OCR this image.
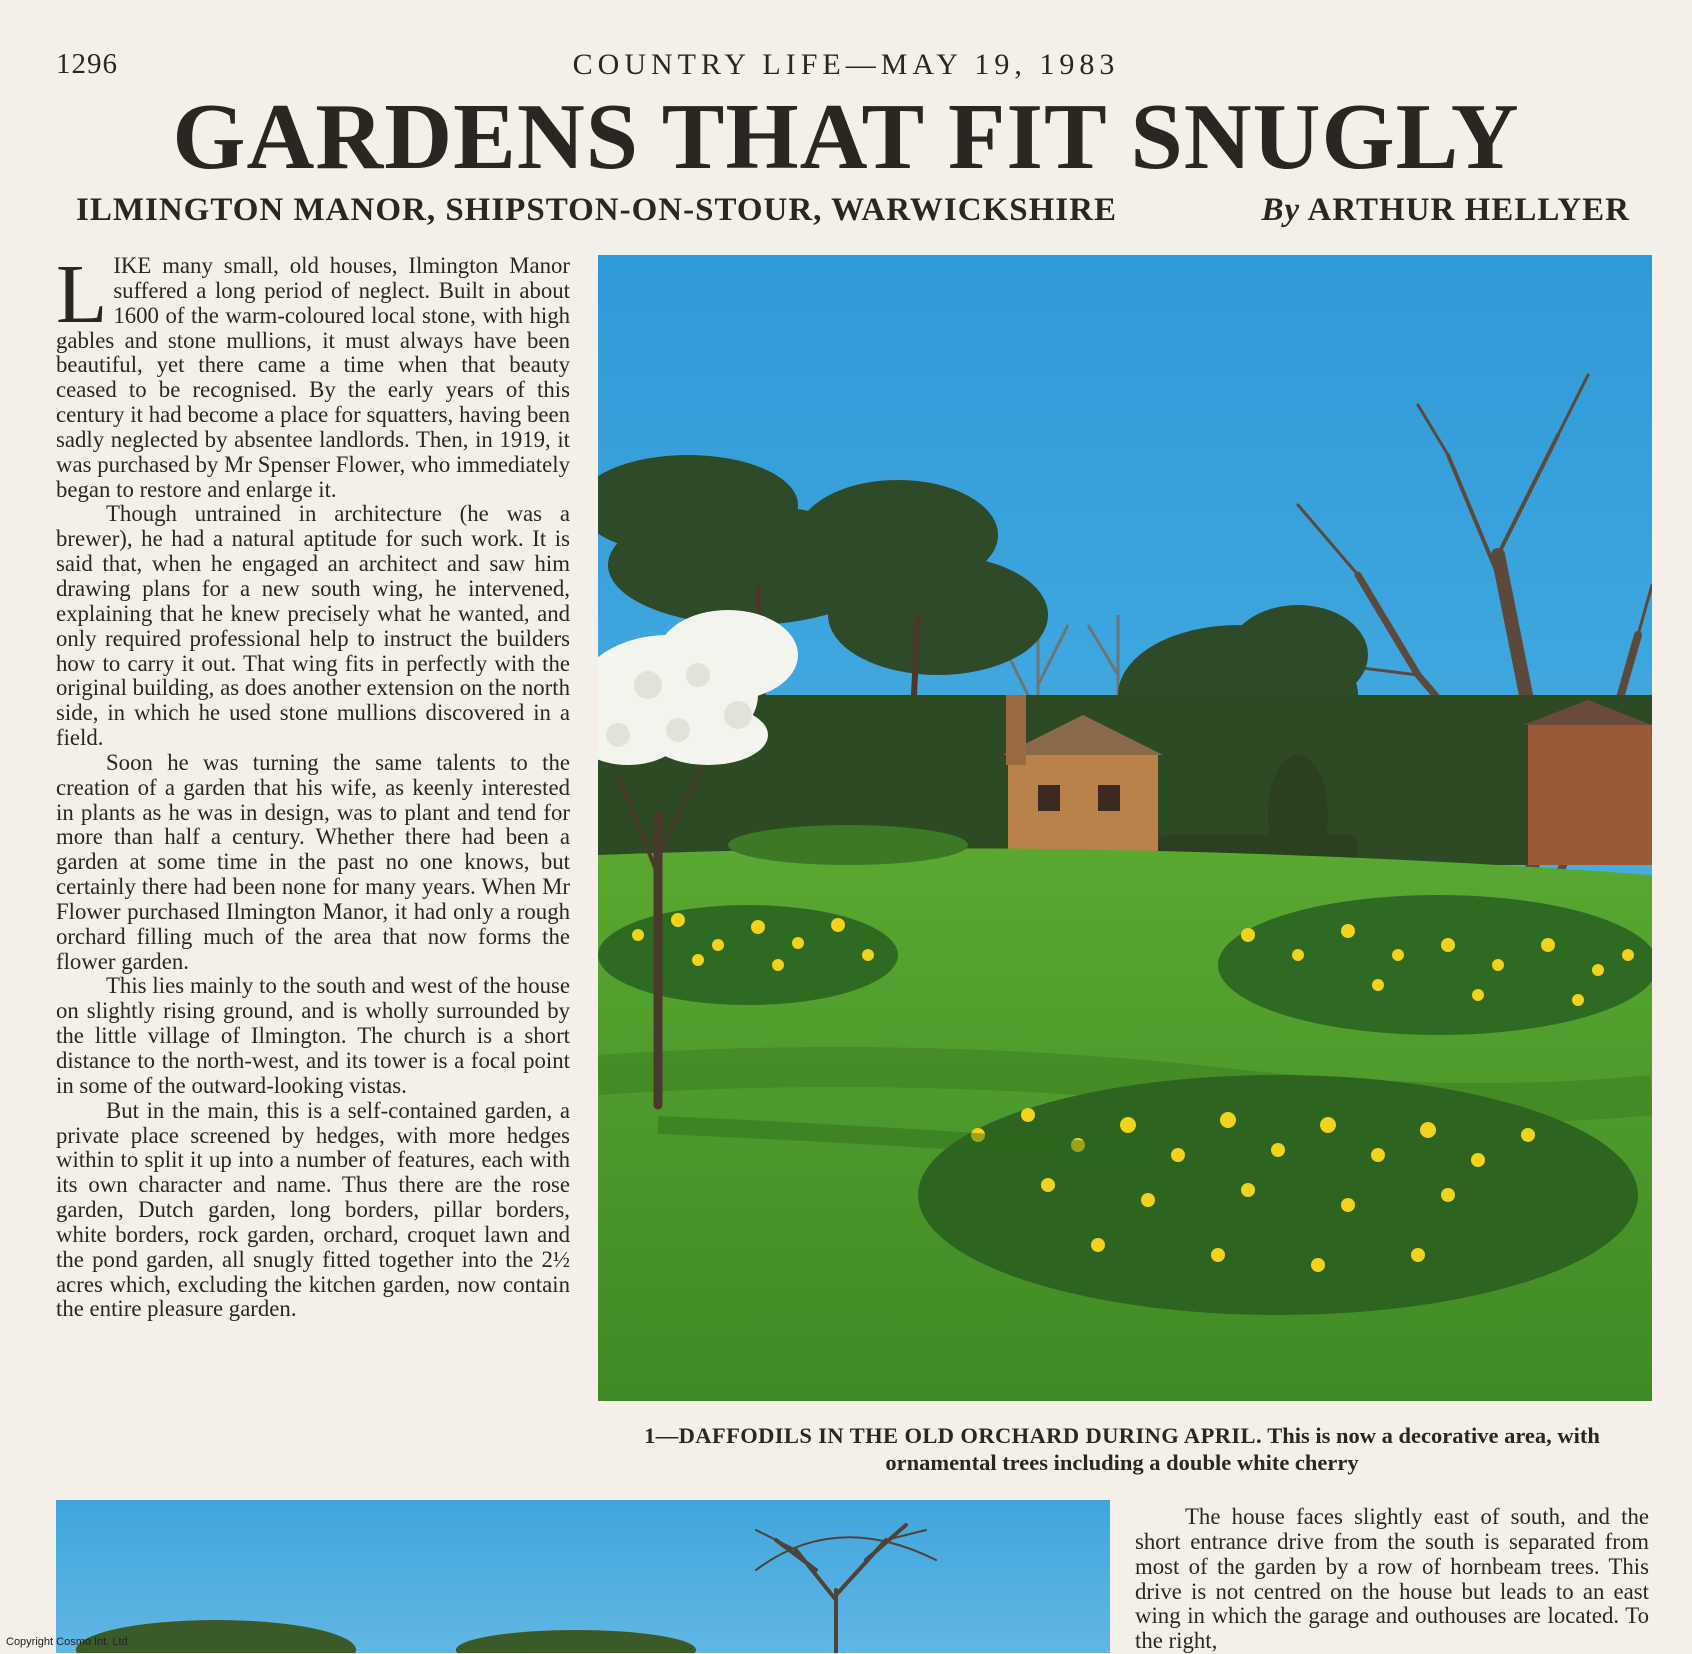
1296	COUNTRY LIFE—MAY 19, 1983
GARDENS THAT FIT SNUGLY
ILMINGTON MANOR, SHIPSTON-ON-STOUR, WARWICKSHIRE	By ARTHUR HELLYER

LIKE many small, old houses, Ilmington Manor suffered a long period of neglect. Built in about 1600 of the warm-coloured local stone, with high gables and stone mullions, it must always have been beautiful, yet there came a time when that beauty ceased to be recognised. By the early years of this century it had become a place for squatters, having been sadly neglected by absentee landlords. Then, in 1919, it was purchased by Mr Spenser Flower, who immediately began to restore and enlarge it.

Though untrained in architecture (he was a brewer), he had a natural aptitude for such work. It is said that, when he engaged an architect and saw him drawing plans for a new south wing, he intervened, explaining that he knew precisely what he wanted, and only required professional help to instruct the builders how to carry it out. That wing fits in perfectly with the original building, as does another extension on the north side, in which he used stone mullions discovered in a field.

Soon he was turning the same talents to the creation of a garden that his wife, as keenly interested in plants as he was in design, was to plant and tend for more than half a century. Whether there had been a garden at some time in the past no one knows, but certainly there had been none for many years. When Mr Flower purchased Ilmington Manor, it had only a rough orchard filling much of the area that now forms the flower garden.

This lies mainly to the south and west of the house on slightly rising ground, and is wholly surrounded by the little village of Ilmington. The church is a short distance to the north-west, and its tower is a focal point in some of the outward-looking vistas.

But in the main, this is a self-contained garden, a private place screened by hedges, with more hedges within to split it up into a number of features, each with its own character and name. Thus there are the rose garden, Dutch garden, long borders, pillar borders, white borders, rock garden, orchard, croquet lawn and the pond garden, all snugly fitted together into the 2½ acres which, excluding the kitchen garden, now contain the entire pleasure garden.

1—DAFFODILS IN THE OLD ORCHARD DURING APRIL. This is now a decorative area, with ornamental trees including a double white cherry

The house faces slightly east of south, and the short entrance drive from the south is separated from most of the garden by a row of hornbeam trees. This drive is not centred on the house but leads to an east wing in which the garage and outhouses are located. To the right,

Copyright Cosmo Int. Ltd
